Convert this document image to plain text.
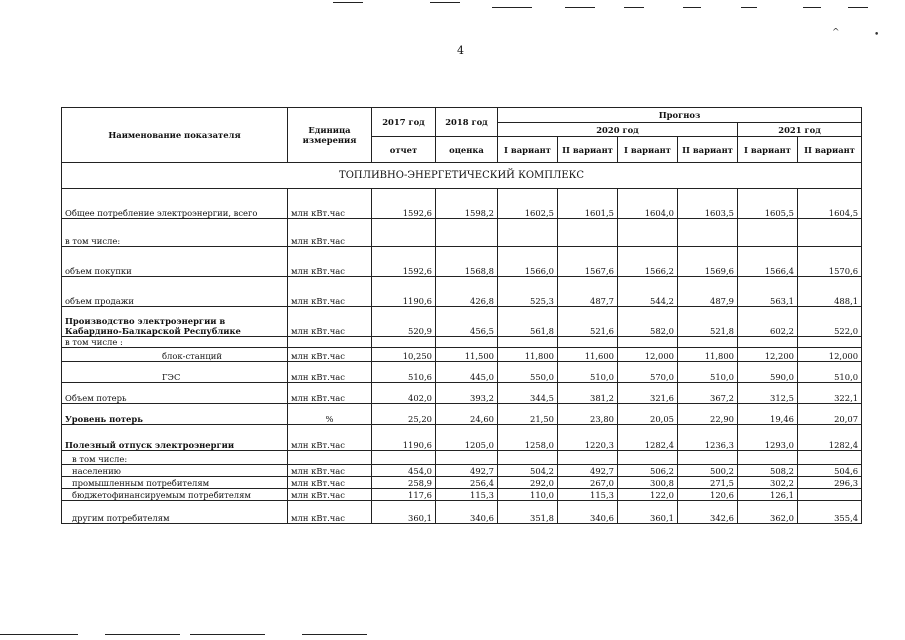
^	•
4
Наименование показателя	Единица измерения	2017 год	2018 год	Прогноз					
				2020 год				2021 год	
		отчет	оценка	I вариант	II вариант	I вариант	II вариант	I вариант	II вариант
ТОПЛИВНО-ЭНЕРГЕТИЧЕСКИЙ КОМПЛЕКС									
Общее потребление электроэнергии, всего	млн кВт.час	1592,6	1598,2	1602,5	1601,5	1604,0	1603,5	1605,5	1604,5
в том числе:	млн кВт.час								
объем покупки	млн кВт.час	1592,6	1568,8	1566,0	1567,6	1566,2	1569,6	1566,4	1570,6
объем продажи	млн кВт.час	1190,6	426,8	525,3	487,7	544,2	487,9	563,1	488,1
Производство электроэнергии в Кабардино-Балкарской Республике	млн кВт.час	520,9	456,5	561,8	521,6	582,0	521,8	602,2	522,0
в том числе :									
блок-станций	млн кВт.час	10,250	11,500	11,800	11,600	12,000	11,800	12,200	12,000
ГЭС	млн кВт.час	510,6	445,0	550,0	510,0	570,0	510,0	590,0	510,0
Объем потерь	млн кВт.час	402,0	393,2	344,5	381,2	321,6	367,2	312,5	322,1
Уровень потерь	%	25,20	24,60	21,50	23,80	20,05	22,90	19,46	20,07
Полезный отпуск электроэнергии	млн кВт.час	1190,6	1205,0	1258,0	1220,3	1282,4	1236,3	1293,0	1282,4
в том числе:									
населению	млн кВт.час	454,0	492,7	504,2	492,7	506,2	500,2	508,2	504,6
промышленным потребителям	млн кВт.час	258,9	256,4	292,0	267,0	300,8	271,5	302,2	296,3
бюджетофинансируемым потребителям	млн кВт.час	117,6	115,3	110,0	115,3	122,0	120,6	126,1	
другим потребителям	млн кВт.час	360,1	340,6	351,8	340,6	360,1	342,6	362,0	355,4
